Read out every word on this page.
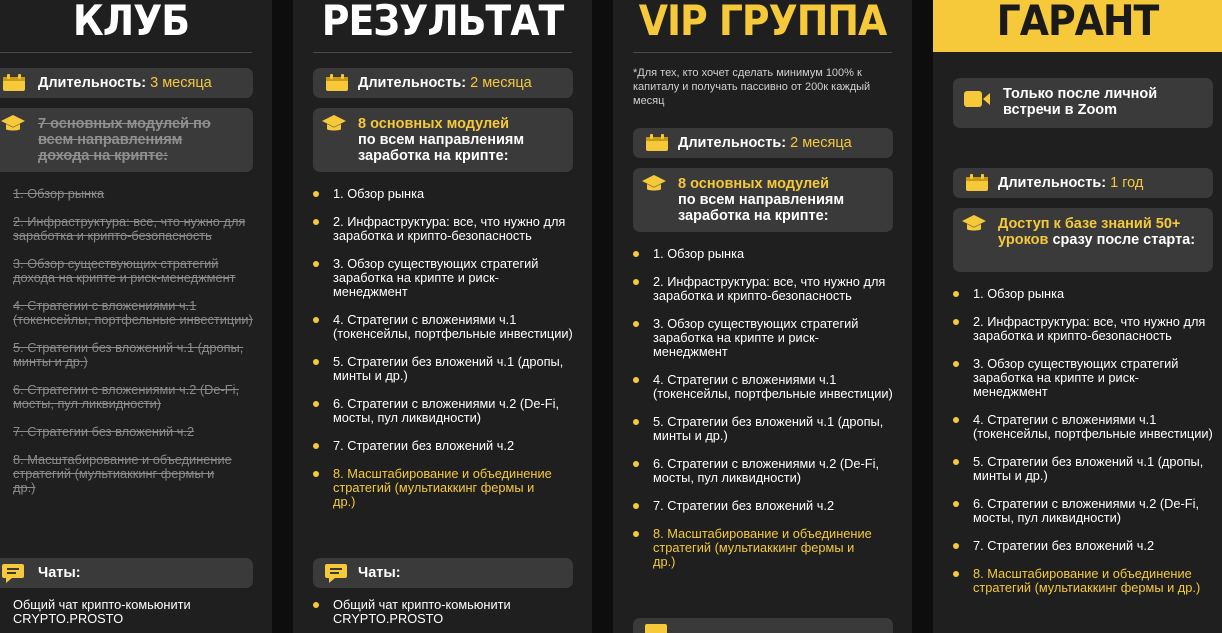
КЛУБ
Длительность: 3 месяца
7 основных модулей по всем направлениям дохода на крипте:
1. Обзор рынка
2. Инфраструктура: все, что нужно для заработка и крипто-безопасность
3. Обзор существующих стратегий дохода на крипте и риск-менеджмент
4. Стратегии с вложениями ч.1 (токенсейлы, портфельные инвестиции)
5. Стратегии без вложений ч.1 (дропы, минты и др.)
6. Стратегии с вложениями ч.2 (De-Fi, мосты, пул ликвидности)
7. Стратегии без вложений ч.2
8. Масштабирование и объединение стратегий (мультиаккинг фермы и др.)
Чаты:
Общий чат крипто-комьюнити CRYPTO.PROSTO
РЕЗУЛЬТАТ
Длительность: 2 месяца
8 основных модулей
по всем направлениям заработка на крипте:
1. Обзор рынка
2. Инфраструктура: все, что нужно для заработка и крипто-безопасность
3. Обзор существующих стратегий заработка на крипте и риск-менеджмент
4. Стратегии с вложениями ч.1 (токенсейлы, портфельные инвестиции)
5. Стратегии без вложений ч.1 (дропы, минты и др.)
6. Стратегии с вложениями ч.2 (De-Fi, мосты, пул ликвидности)
7. Стратегии без вложений ч.2
8. Масштабирование и объединение стратегий (мультиаккинг фермы и др.)
Чаты:
Общий чат крипто-комьюнити CRYPTO.PROSTO
VIP ГРУППА
*Для тех, кто хочет сделать минимум 100% к капиталу и получать пассивно от 200к каждый месяц
Длительность: 2 месяца
8 основных модулей
по всем направлениям заработка на крипте:
1. Обзор рынка
2. Инфраструктура: все, что нужно для заработка и крипто-безопасность
3. Обзор существующих стратегий заработка на крипте и риск-менеджмент
4. Стратегии с вложениями ч.1 (токенсейлы, портфельные инвестиции)
5. Стратегии без вложений ч.1 (дропы, минты и др.)
6. Стратегии с вложениями ч.2 (De-Fi, мосты, пул ликвидности)
7. Стратегии без вложений ч.2
8. Масштабирование и объединение стратегий (мультиаккинг фермы и др.)
ГАРАНТ
Только после личной встречи в Zoom
Длительность: 1 год
Доступ к базе знаний 50+ уроков сразу после старта:
1. Обзор рынка
2. Инфраструктура: все, что нужно для заработка и крипто-безопасность
3. Обзор существующих стратегий заработка на крипте и риск-менеджмент
4. Стратегии с вложениями ч.1 (токенсейлы, портфельные инвестиции)
5. Стратегии без вложений ч.1 (дропы, минты и др.)
6. Стратегии с вложениями ч.2 (De-Fi, мосты, пул ликвидности)
7. Стратегии без вложений ч.2
8. Масштабирование и объединение стратегий (мультиаккинг фермы и др.)
